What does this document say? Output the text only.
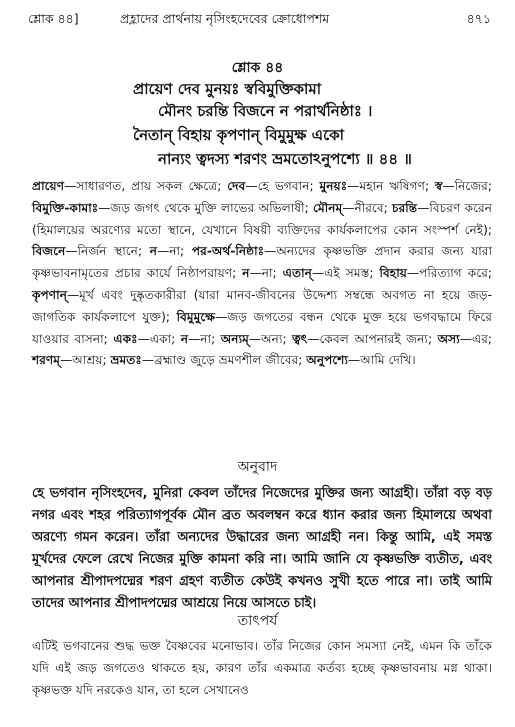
শ্লোক ৪৪]	প্রহ্লাদের প্রার্থনায় নৃসিংহদেবের ক্রোধোপশম	৪৭১
শ্লোক ৪৪
প্রায়েণ দেব মুনয়ঃ স্ববিমুক্তিকামা
মৌনং চরন্তি বিজনে ন পরার্থনিষ্ঠাঃ ।
নৈতান্‌ বিহায় কৃপণান্‌ বিমুমুক্ষ একো
নান্যং ত্বদস্য শরণং ভ্রমতোঽনুপশ্যে ॥ ৪৪ ॥
প্রায়েণ—সাধারণত, প্রায় সকল ক্ষেত্রে; দেব—হে ভগবান; মুনয়ঃ—মহান ঋষিগণ; স্ব—নিজের; বিমুক্তি-কামাঃ—জড় জগৎ থেকে মুক্তি লাভের অভিলাষী; মৌনম্‌—নীরবে; চরন্তি—বিচরণ করেন (হিমালয়ের অরণ্যের মতো স্থানে, যেখানে বিষয়ী ব্যক্তিদের কার্যকলাপের কোন সংস্পর্শ নেই); বিজনে—নির্জন স্থানে; ন—না; পর-অর্থ-নিষ্ঠাঃ—অন্যদের কৃষ্ণভক্তি প্রদান করার জন্য যারা কৃষ্ণভাবনামৃতের প্রচার কার্যে নিষ্ঠাপরায়ণ; ন—না; এতান্‌—এই সমস্ত; বিহায়—পরিত্যাগ করে; কৃপণান্‌—মূর্খ এবং দুষ্কৃতকারীরা (যারা মানব-জীবনের উদ্দেশ্য সম্বন্ধে অবগত না হয়ে জড়-জাগতিক কার্যকলাপে যুক্ত); বিমুমুক্ষে—জড় জগতের বন্ধন থেকে মুক্ত হয়ে ভগবদ্ধামে ফিরে যাওয়ার বাসনা; একঃ—একা; ন—না; অন্যম্‌—অন্য; ত্বৎ—কেবল আপনারই জন্য; অস্য—এর; শরণম্‌—আশ্রয়; ভ্রমতঃ—ব্রহ্মাণ্ড জুড়ে ভ্রমণশীল জীবের; অনুপশ্যে—আমি দেখি।
অনুবাদ
হে ভগবান নৃসিংহদেব, মুনিরা কেবল তাঁদের নিজেদের মুক্তির জন্য আগ্রহী। তাঁরা বড় বড় নগর এবং শহর পরিত্যাগপূর্বক মৌন ব্রত অবলম্বন করে ধ্যান করার জন্য হিমালয়ে অথবা অরণ্যে গমন করেন। তাঁরা অন্যদের উদ্ধারের জন্য আগ্রহী নন। কিন্তু আমি, এই সমস্ত মূর্খদের ফেলে রেখে নিজের মুক্তি কামনা করি না। আমি জানি যে কৃষ্ণভক্তি ব্যতীত, এবং আপনার শ্রীপাদপদ্মের শরণ গ্রহণ ব্যতীত কেউই কখনও সুখী হতে পারে না। তাই আমি তাদের আপনার শ্রীপাদপদ্মের আশ্রয়ে নিয়ে আসতে চাই।
তাৎপর্য
এটিই ভগবানের শুদ্ধ ভক্ত বৈষ্ণবের মনোভাব। তাঁর নিজের কোন সমস্যা নেই, এমন কি তাঁকে যদি এই জড় জগতেও থাকতে হয়, কারণ তাঁর একমাত্র কর্তব্য হচ্ছে কৃষ্ণভাবনায় মগ্ন থাকা। কৃষ্ণভক্ত যদি নরকেও যান, তা হলে সেখানেও
